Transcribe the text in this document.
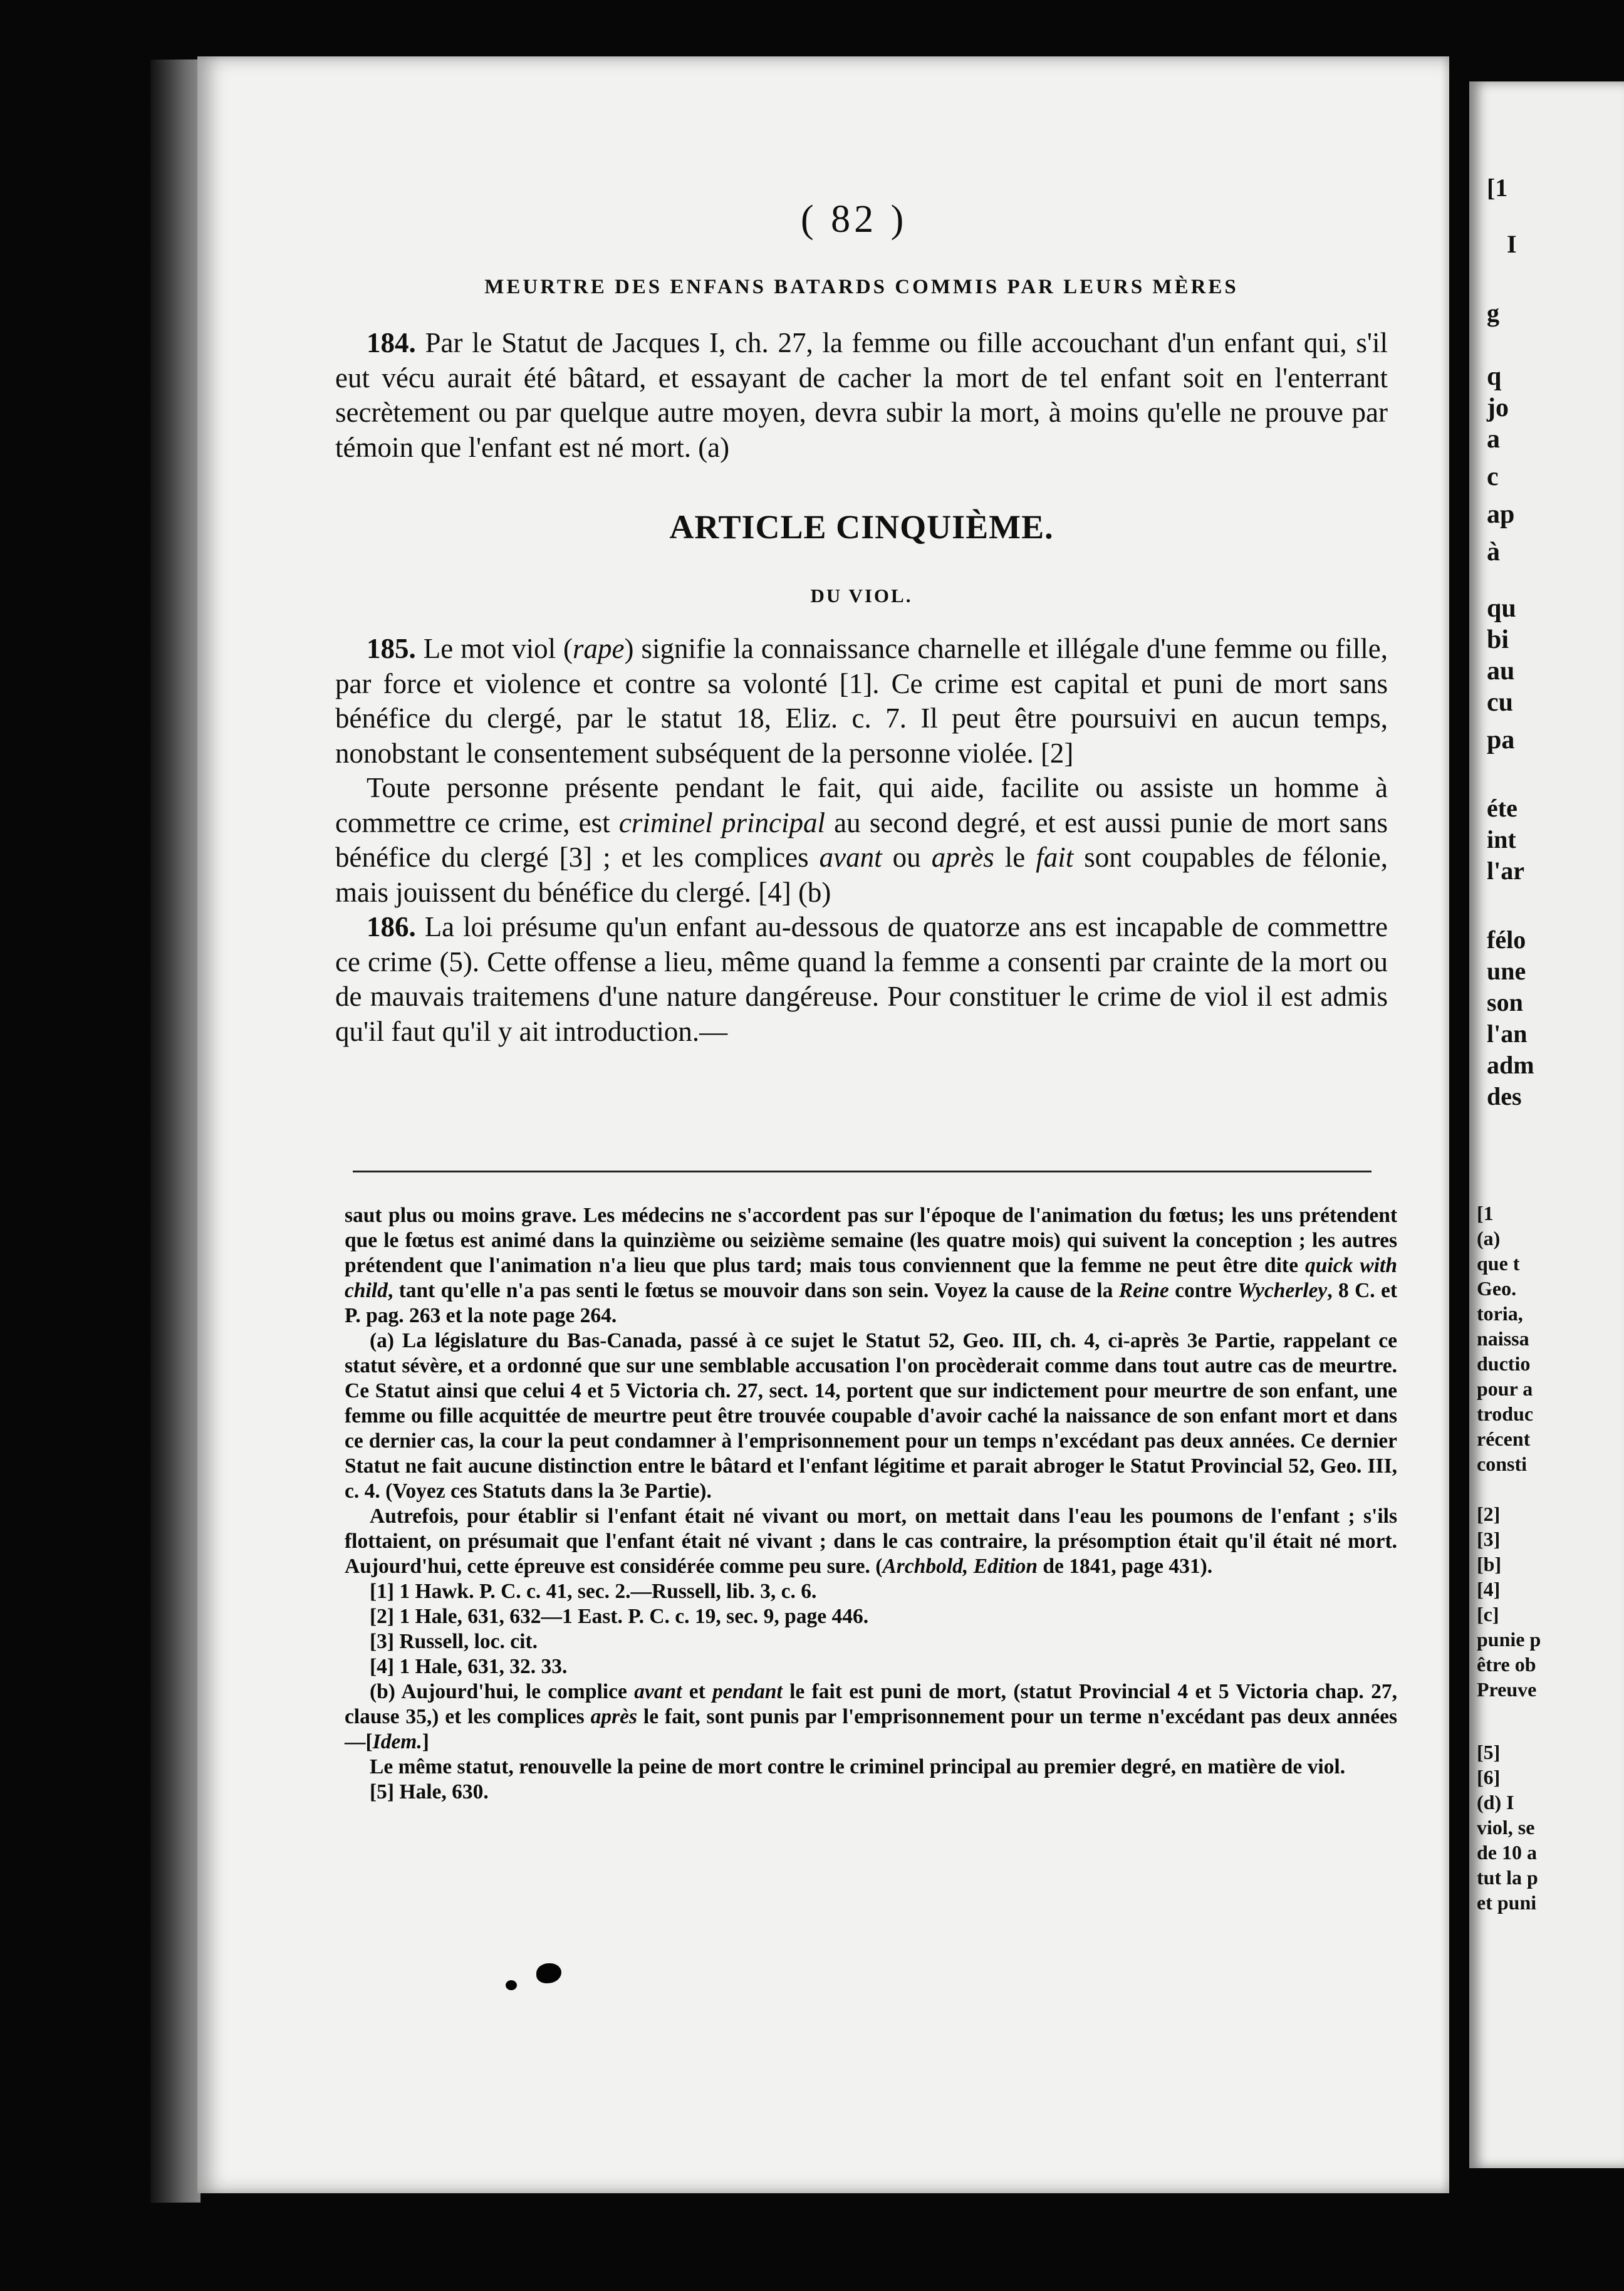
( 82 )
MEURTRE DES ENFANS BATARDS COMMIS PAR LEURS MÈRES

184. Par le Statut de Jacques I, ch. 27, la femme ou fille accouchant d'un enfant qui, s'il eut vécu aurait été bâtard, et essayant de cacher la mort de tel enfant soit en l'enterrant secrètement ou par quelque autre moyen, devra subir la mort, à moins qu'elle ne prouve par témoin que l'enfant est né mort. (a)

ARTICLE CINQUIÈME.
DU VIOL.

185. Le mot viol (rape) signifie la connaissance charnelle et illégale d'une femme ou fille, par force et violence et contre sa volonté [1]. Ce crime est capital et puni de mort sans bénéfice du clergé, par le statut 18, Eliz. c. 7. Il peut être poursuivi en aucun temps, nonobstant le consentement subséquent de la personne violée. [2]

Toute personne présente pendant le fait, qui aide, facilite ou assiste un homme à commettre ce crime, est criminel principal au second degré, et est aussi punie de mort sans bénéfice du clergé [3] ; et les complices avant ou après le fait sont coupables de félonie, mais jouissent du bénéfice du clergé. [4] (b)

186. La loi présume qu'un enfant au-dessous de quatorze ans est incapable de commettre ce crime (5). Cette offense a lieu, même quand la femme a consenti par crainte de la mort ou de mauvais traitemens d'une nature dangéreuse. Pour constituer le crime de viol il est admis qu'il faut qu'il y ait introduction.—

saut plus ou moins grave. Les médecins ne s'accordent pas sur l'époque de l'animation du fœtus; les uns prétendent que le fœtus est animé dans la quinzième ou seizième semaine (les quatre mois) qui suivent la conception ; les autres prétendent que l'animation n'a lieu que plus tard; mais tous conviennent que la femme ne peut être dite quick with child, tant qu'elle n'a pas senti le fœtus se mouvoir dans son sein. Voyez la cause de la Reine contre Wycherley, 8 C. et P. pag. 263 et la note page 264.

(a) La législature du Bas-Canada, passé à ce sujet le Statut 52, Geo. III, ch. 4, ci-après 3e Partie, rappelant ce statut sévère, et a ordonné que sur une semblable accusation l'on procèderait comme dans tout autre cas de meurtre. Ce Statut ainsi que celui 4 et 5 Victoria ch. 27, sect. 14, portent que sur indictement pour meurtre de son enfant, une femme ou fille acquittée de meurtre peut être trouvée coupable d'avoir caché la naissance de son enfant mort et dans ce dernier cas, la cour la peut condamner à l'emprisonnement pour un temps n'excédant pas deux années. Ce dernier Statut ne fait aucune distinction entre le bâtard et l'enfant légitime et parait abroger le Statut Provincial 52, Geo. III, c. 4. (Voyez ces Statuts dans la 3e Partie).

Autrefois, pour établir si l'enfant était né vivant ou mort, on mettait dans l'eau les poumons de l'enfant ; s'ils flottaient, on présumait que l'enfant était né vivant ; dans le cas contraire, la présomption était qu'il était né mort. Aujourd'hui, cette épreuve est considérée comme peu sure. (Archbold, Edition de 1841, page 431).

[1] 1 Hawk. P. C. c. 41, sec. 2.—Russell, lib. 3, c. 6.

[2] 1 Hale, 631, 632—1 East. P. C. c. 19, sec. 9, page 446.

[3] Russell, loc. cit.

[4] 1 Hale, 631, 32. 33.

(b) Aujourd'hui, le complice avant et pendant le fait est puni de mort, (statut Provincial 4 et 5 Victoria chap. 27, clause 35,) et les complices après le fait, sont punis par l'emprisonnement pour un terme n'excédant pas deux années—[Idem.]

Le même statut, renouvelle la peine de mort contre le criminel principal au premier degré, en matière de viol.

[5] Hale, 630.

[1
I
g
q
jo
a
c
ap
à
qu
bi
au
cu
pa
éte
int
l'ar
félo
une
son
l'an
adm
des
[1
(a)
que t
Geo.
toria,
naissa
ductio
pour a
troduc
récent
consti
[2]
[3]
[b]
[4]
[c]
punie p
être ob
Preuve
[5]
[6]
(d) I
viol, se
de 10 a
tut la p
et puni
